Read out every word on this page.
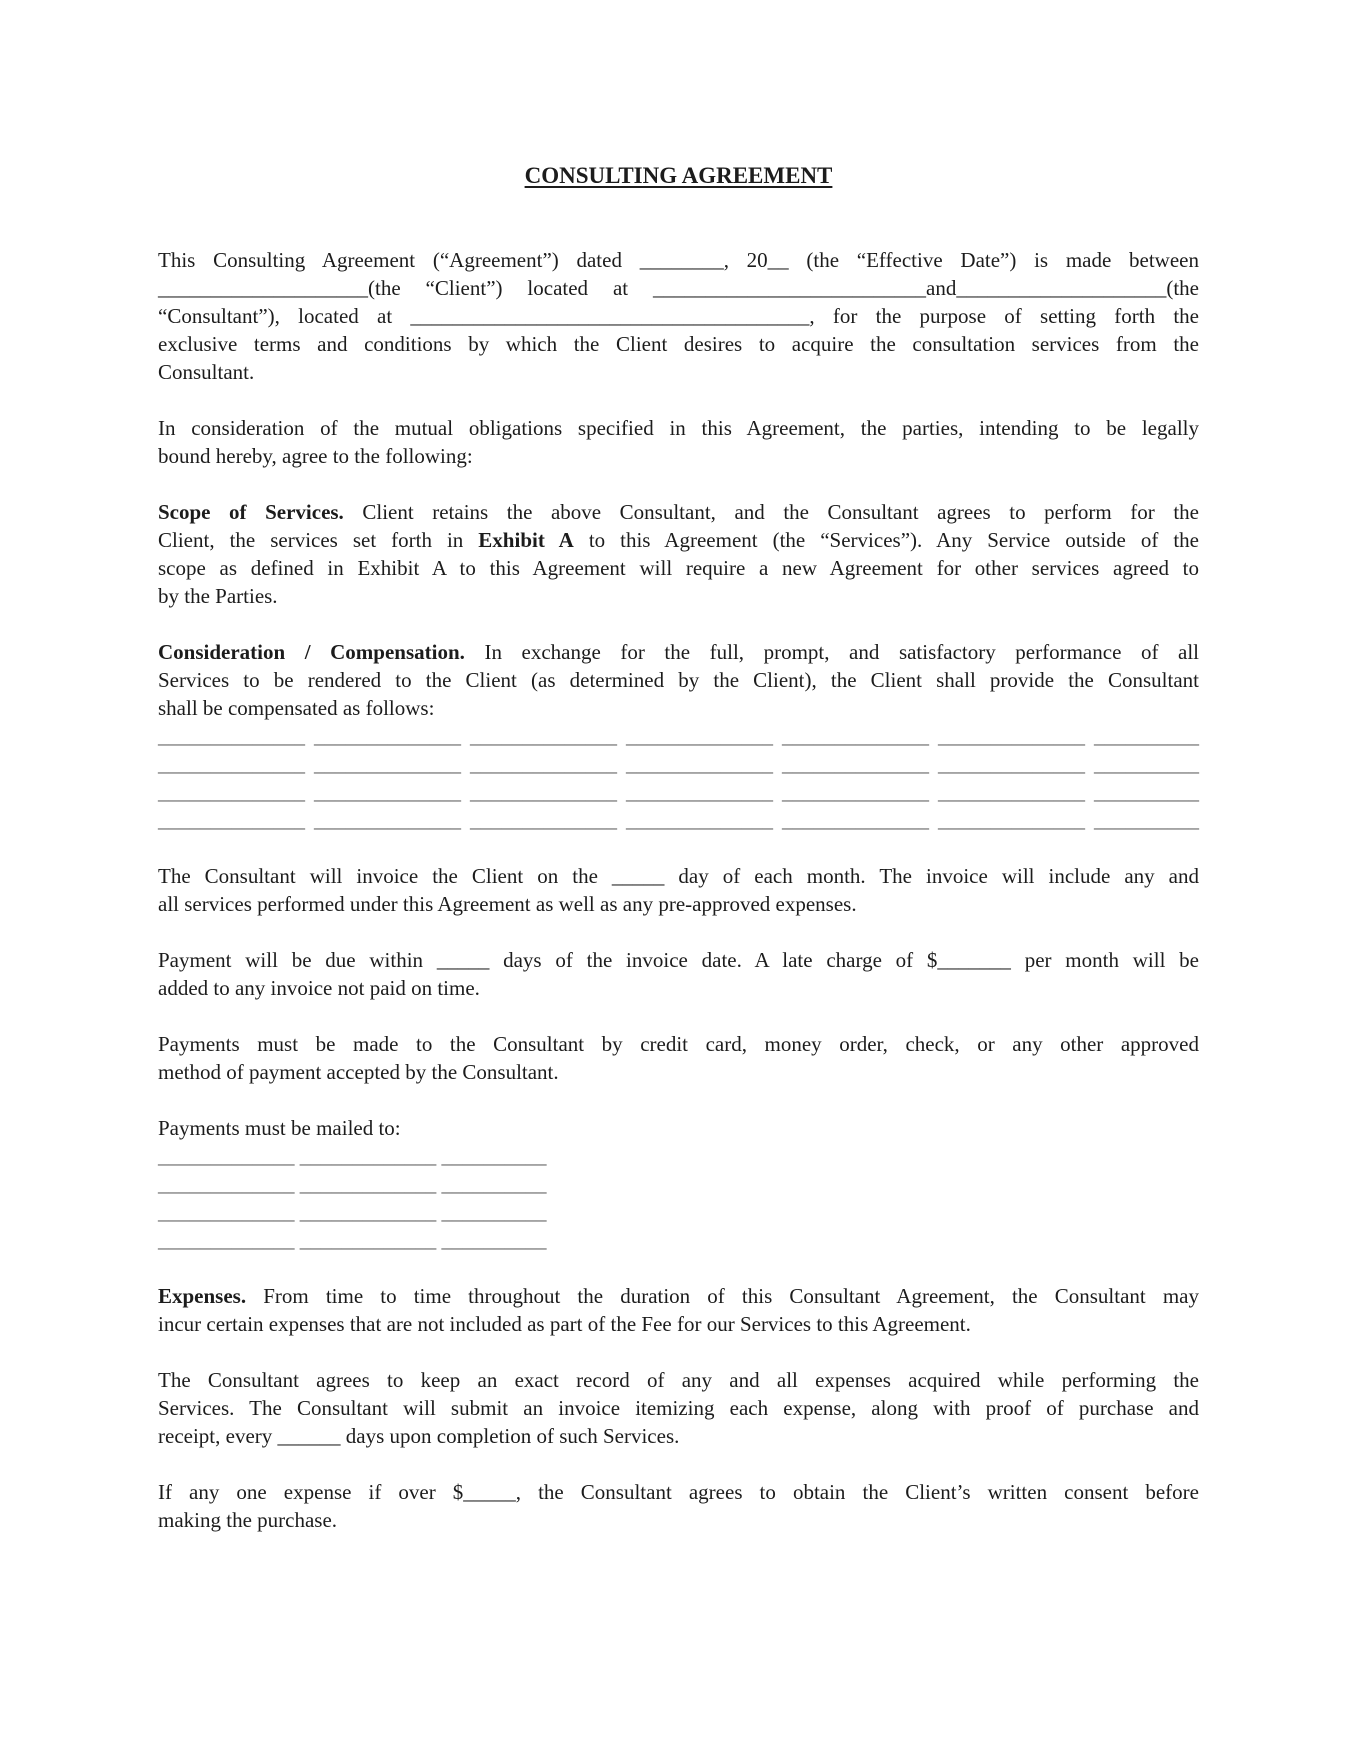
CONSULTING AGREEMENT
This Consulting Agreement (“Agreement”) dated ________, 20__ (the “Effective Date”) is made between
____________________(the “Client”) located at __________________________and____________________(the
“Consultant”), located at ______________________________________, for the purpose of setting forth the
exclusive terms and conditions by which the Client desires to acquire the consultation services from the
Consultant.
In consideration of the mutual obligations specified in this Agreement, the parties, intending to be legally
bound hereby, agree to the following:
Scope of Services. Client retains the above Consultant, and the Consultant agrees to perform for the
Client, the services set forth in Exhibit A to this Agreement (the “Services”). Any Service outside of the
scope as defined in Exhibit A to this Agreement will require a new Agreement for other services agreed to
by the Parties.
Consideration / Compensation. In exchange for the full, prompt, and satisfactory performance of all
Services to be rendered to the Client (as determined by the Client), the Client shall provide the Consultant
shall be compensated as follows:
______________ ______________ ______________ ______________ ______________ ______________ __________
______________ ______________ ______________ ______________ ______________ ______________ __________
______________ ______________ ______________ ______________ ______________ ______________ __________
______________ ______________ ______________ ______________ ______________ ______________ __________
The Consultant will invoice the Client on the _____ day of each month. The invoice will include any and
all services performed under this Agreement as well as any pre-approved expenses.
Payment will be due within _____ days of the invoice date. A late charge of $_______ per month will be
added to any invoice not paid on time.
Payments must be made to the Consultant by credit card, money order, check, or any other approved
method of payment accepted by the Consultant.
Payments must be mailed to:
_____________ _____________ __________
_____________ _____________ __________
_____________ _____________ __________
_____________ _____________ __________
Expenses. From time to time throughout the duration of this Consultant Agreement, the Consultant may
incur certain expenses that are not included as part of the Fee for our Services to this Agreement.
The Consultant agrees to keep an exact record of any and all expenses acquired while performing the
Services. The Consultant will submit an invoice itemizing each expense, along with proof of purchase and
receipt, every ______ days upon completion of such Services.
If any one expense if over $_____, the Consultant agrees to obtain the Client’s written consent before
making the purchase.
